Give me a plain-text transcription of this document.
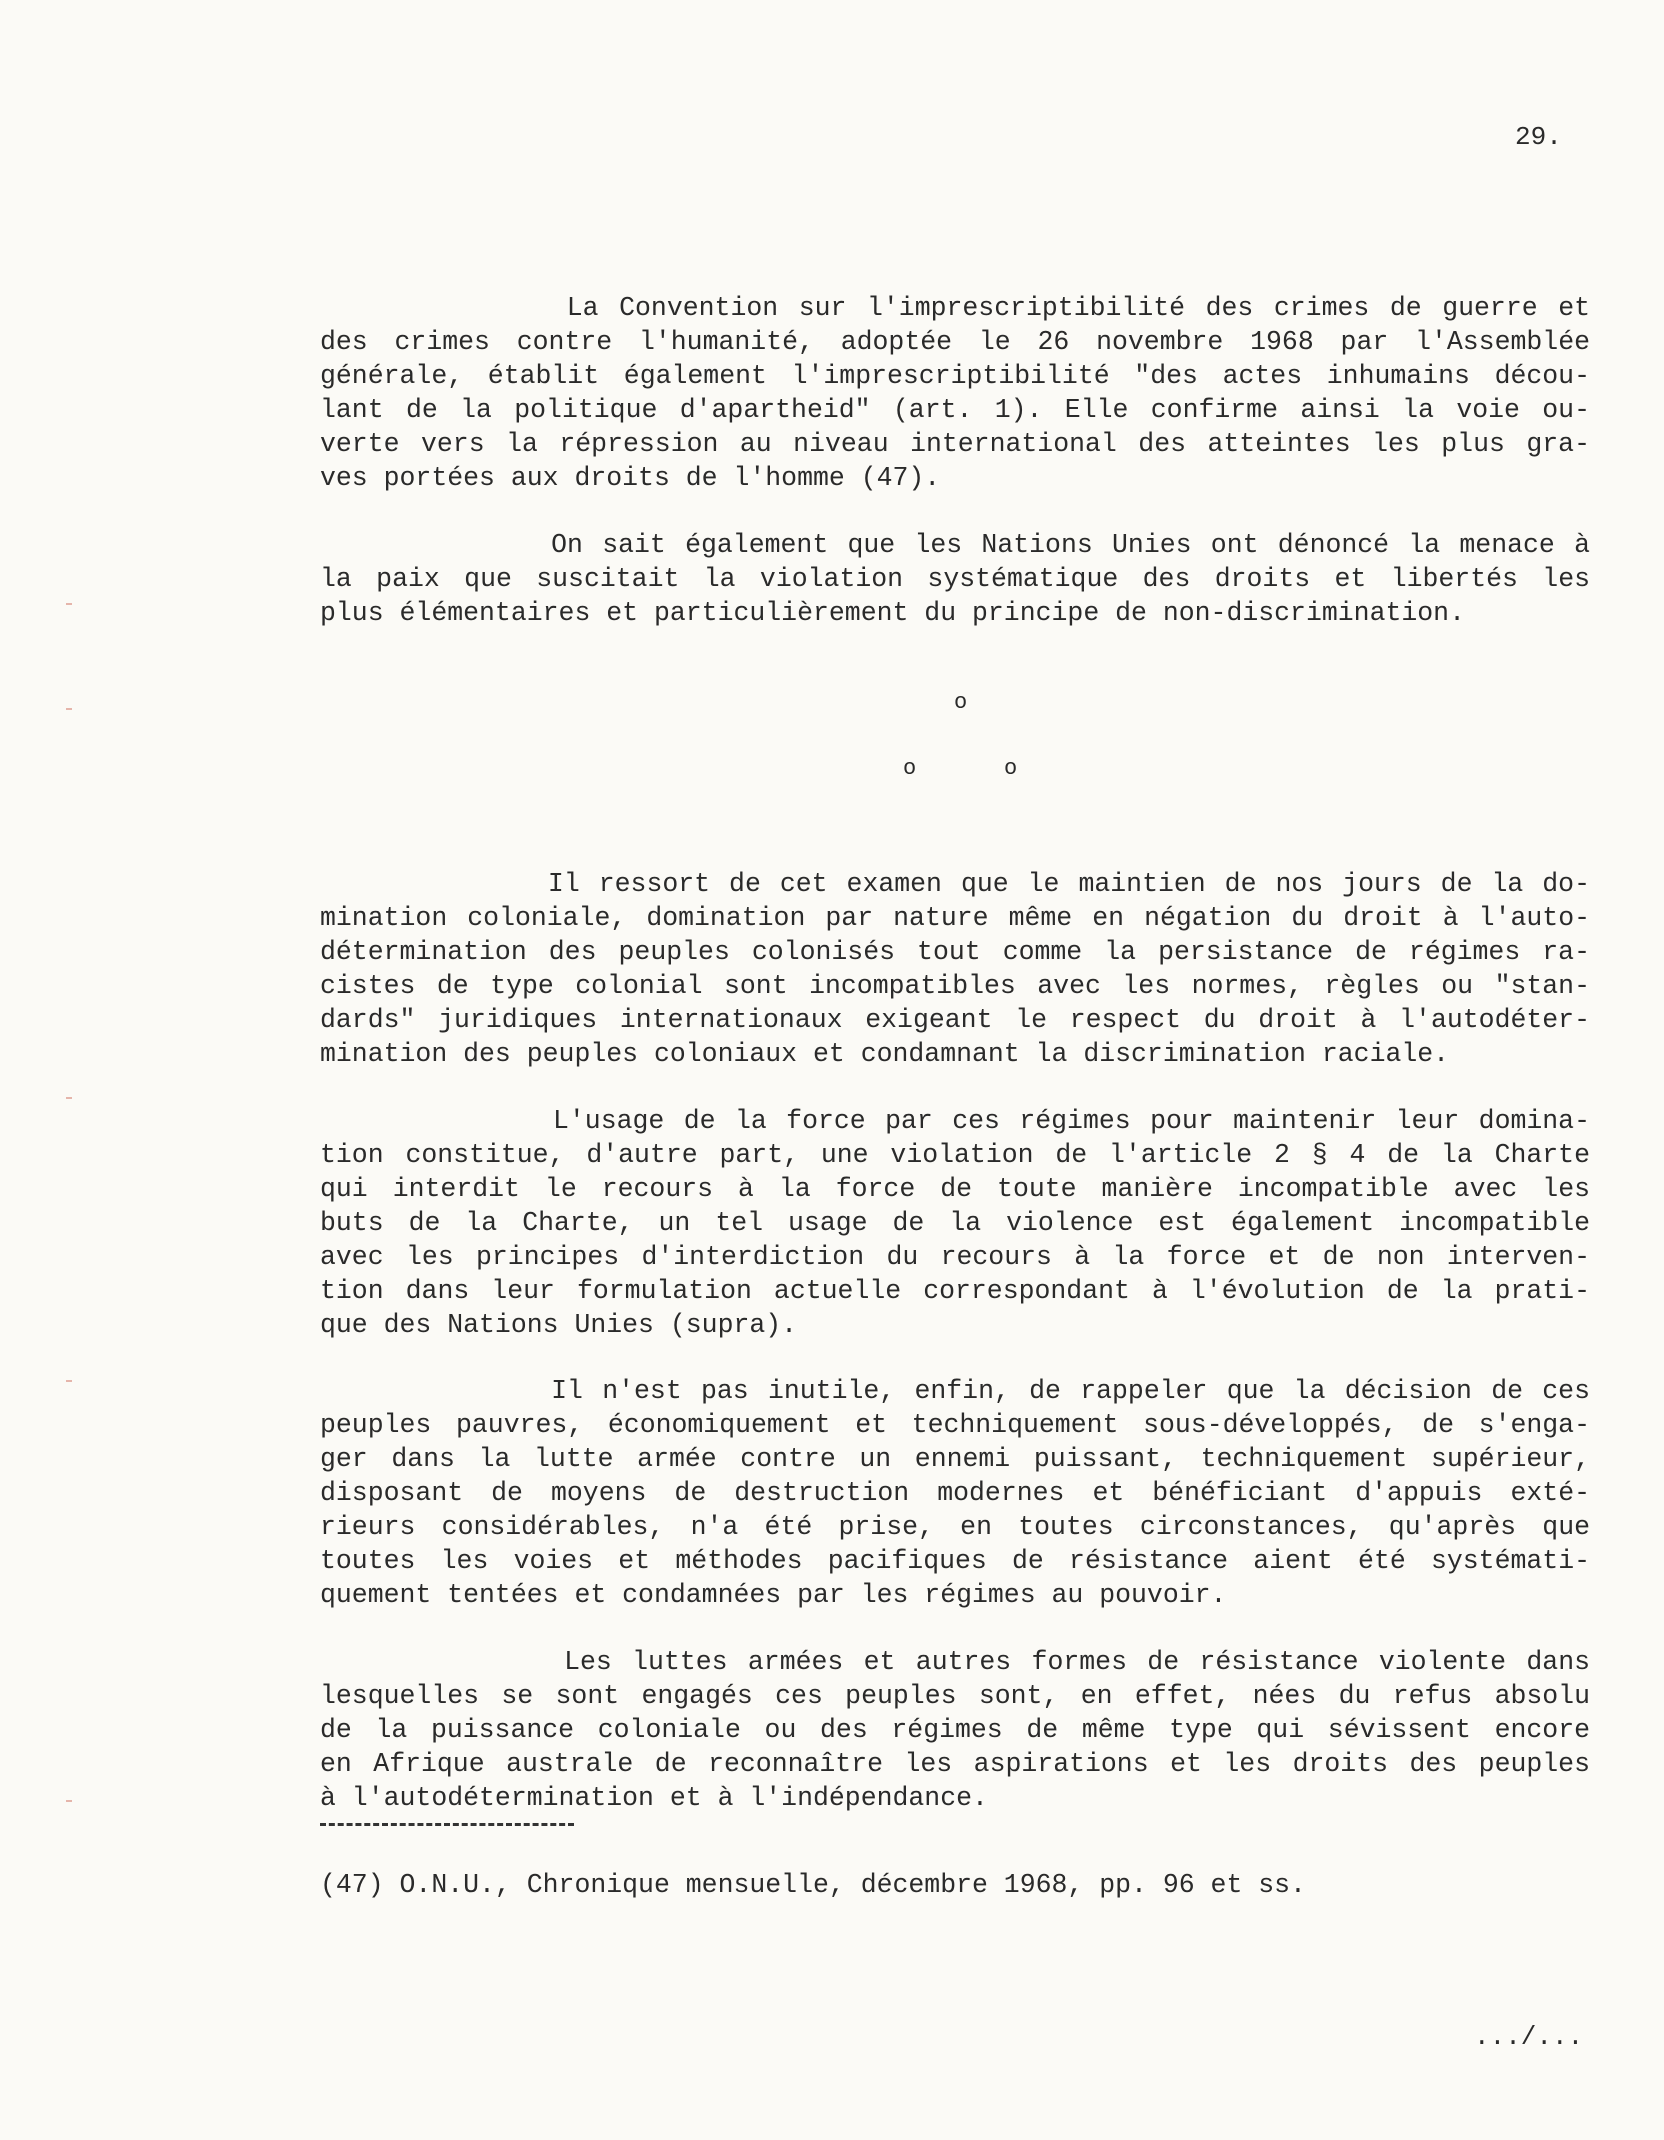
29.
La Convention sur l'imprescriptibilité des crimes de guerre et
des crimes contre l'humanité, adoptée le 26 novembre 1968 par l'Assemblée
générale, établit également l'imprescriptibilité "des actes inhumains décou-
lant de la politique d'apartheid" (art. 1). Elle confirme ainsi la voie ou-
verte vers la répression au niveau international des atteintes les plus gra-
ves portées aux droits de l'homme (47).
On sait également que les Nations Unies ont dénoncé la menace à
la paix que suscitait la violation systématique des droits et libertés les
plus élémentaires et particulièrement du principe de non-discrimination.
o
o	o
Il ressort de cet examen que le maintien de nos jours de la do-
mination coloniale, domination par nature même en négation du droit à l'auto-
détermination des peuples colonisés tout comme la persistance de régimes ra-
cistes de type colonial sont incompatibles avec les normes, règles ou "stan-
dards" juridiques internationaux exigeant le respect du droit à l'autodéter-
mination des peuples coloniaux et condamnant la discrimination raciale.
L'usage de la force par ces régimes pour maintenir leur domina-
tion constitue, d'autre part, une violation de l'article 2 § 4 de la Charte
qui interdit le recours à la force de toute manière incompatible avec les
buts de la Charte, un tel usage de la violence est également incompatible
avec les principes d'interdiction du recours à la force et de non interven-
tion dans leur formulation actuelle correspondant à l'évolution de la prati-
que des Nations Unies (supra).
Il n'est pas inutile, enfin, de rappeler que la décision de ces
peuples pauvres, économiquement et techniquement sous-développés, de s'enga-
ger dans la lutte armée contre un ennemi puissant, techniquement supérieur,
disposant de moyens de destruction modernes et bénéficiant d'appuis exté-
rieurs considérables, n'a été prise, en toutes circonstances, qu'après que
toutes les voies et méthodes pacifiques de résistance aient été systémati-
quement tentées et condamnées par les régimes au pouvoir.
Les luttes armées et autres formes de résistance violente dans
lesquelles se sont engagés ces peuples sont, en effet, nées du refus absolu
de la puissance coloniale ou des régimes de même type qui sévissent encore
en Afrique australe de reconnaître les aspirations et les droits des peuples
à l'autodétermination et à l'indépendance.
(47) O.N.U., Chronique mensuelle, décembre 1968, pp. 96 et ss.
.../...
